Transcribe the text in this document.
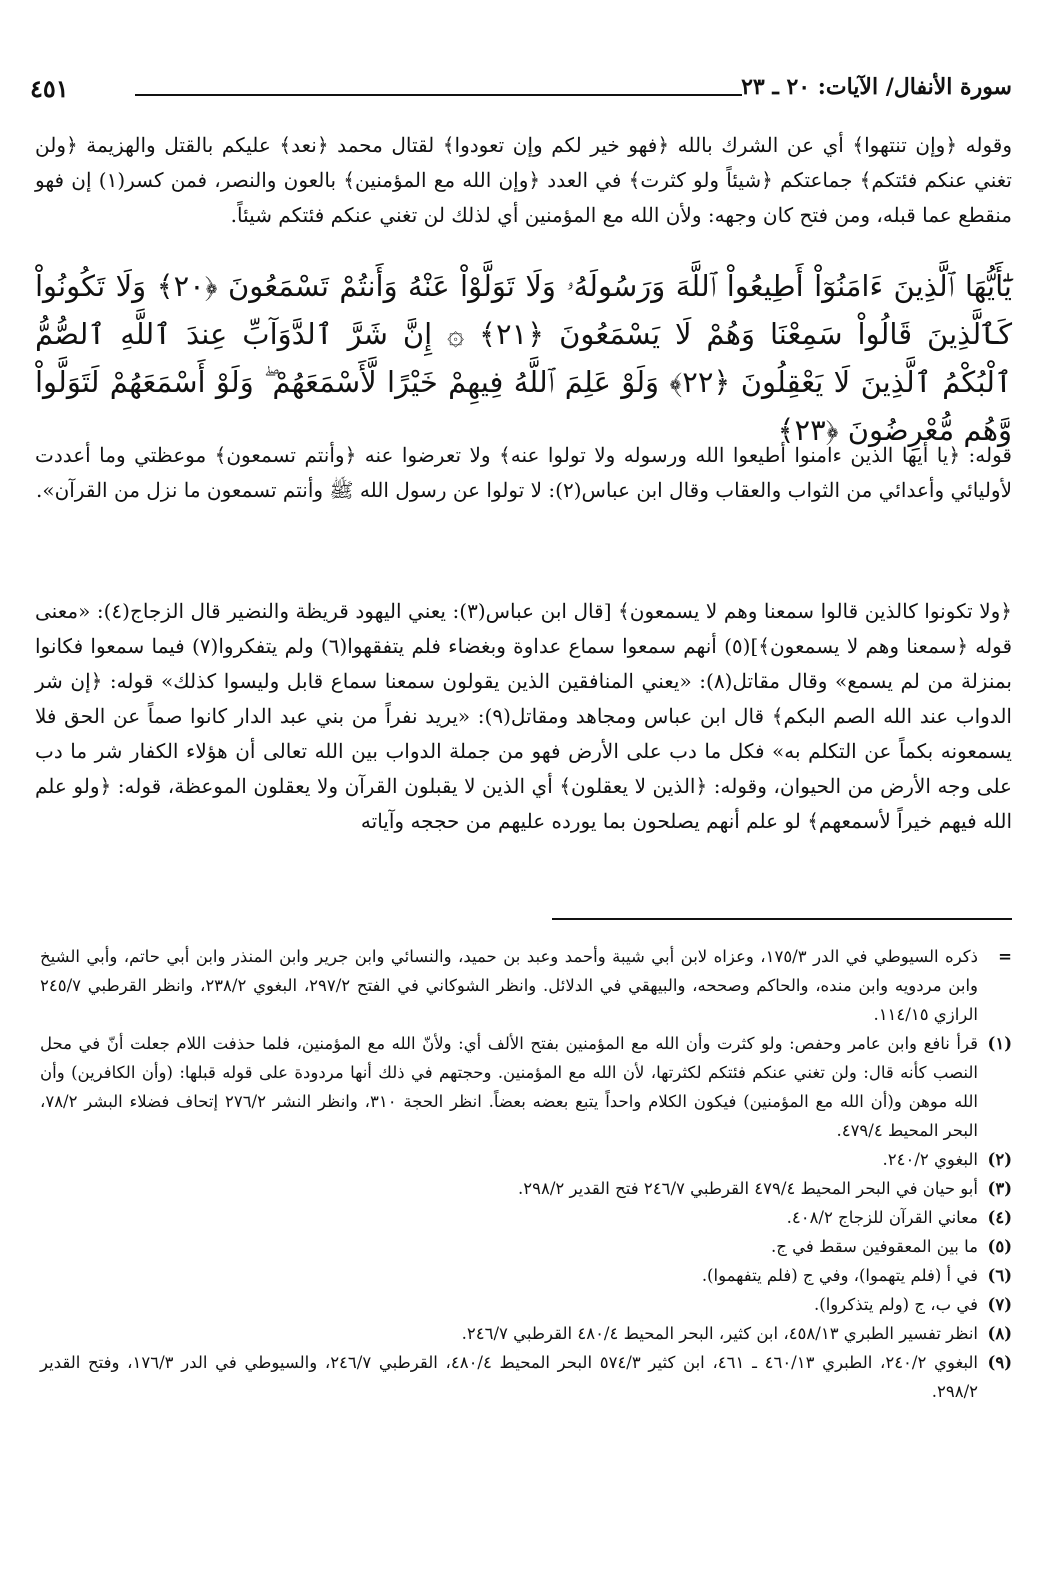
سورة الأنفال/ الآيات: ٢٠ ـ ٢٣
٤٥١
وقوله ﴿وإن تنتهوا﴾ أي عن الشرك بالله ﴿فهو خير لكم وإن تعودوا﴾ لقتال محمد ﴿نعد﴾ عليكم بالقتل والهزيمة ﴿ولن تغني عنكم فئتكم﴾ جماعتكم ﴿شيئاً ولو كثرت﴾ في العدد ﴿وإن الله مع المؤمنين﴾ بالعون والنصر، فمن كسر(١) إن فهو منقطع عما قبله، ومن فتح كان وجهه: ولأن الله مع المؤمنين أي لذلك لن تغني عنكم فئتكم شيئاً.
يَٰٓأَيُّهَا ٱلَّذِينَ ءَامَنُوٓاْ أَطِيعُواْ ٱللَّهَ وَرَسُولَهُۥ وَلَا تَوَلَّوْاْ عَنْهُ وَأَنتُمْ تَسْمَعُونَ ﴿٢٠﴾ وَلَا تَكُونُواْ كَٱلَّذِينَ قَالُواْ سَمِعْنَا وَهُمْ لَا يَسْمَعُونَ ﴿٢١﴾ ۞ إِنَّ شَرَّ ٱلدَّوَآبِّ عِندَ ٱللَّهِ ٱلصُّمُّ ٱلْبُكْمُ ٱلَّذِينَ لَا يَعْقِلُونَ ﴿٢٢﴾ وَلَوْ عَلِمَ ٱللَّهُ فِيهِمْ خَيْرًا لَّأَسْمَعَهُمْ ۖ وَلَوْ أَسْمَعَهُمْ لَتَوَلَّواْ وَّهُم مُّعْرِضُونَ ﴿٢٣﴾
قوله: ﴿يا أيها الذين ءامنوا أطيعوا الله ورسوله ولا تولوا عنه﴾ ولا تعرضوا عنه ﴿وأنتم تسمعون﴾ موعظتي وما أعددت لأوليائي وأعدائي من الثواب والعقاب وقال ابن عباس(٢): لا تولوا عن رسول الله ﷺ وأنتم تسمعون ما نزل من القرآن».
﴿ولا تكونوا كالذين قالوا سمعنا وهم لا يسمعون﴾ [قال ابن عباس(٣): يعني اليهود قريظة والنضير قال الزجاج(٤): «معنى قوله ﴿سمعنا وهم لا يسمعون﴾](٥) أنهم سمعوا سماع عداوة وبغضاء فلم يتفقهوا(٦) ولم يتفكروا(٧) فيما سمعوا فكانوا بمنزلة من لم يسمع» وقال مقاتل(٨): «يعني المنافقين الذين يقولون سمعنا سماع قابل وليسوا كذلك» قوله: ﴿إن شر الدواب عند الله الصم البكم﴾ قال ابن عباس ومجاهد ومقاتل(٩): «يريد نفراً من بني عبد الدار كانوا صماً عن الحق فلا يسمعونه بكماً عن التكلم به» فكل ما دب على الأرض فهو من جملة الدواب بين الله تعالى أن هؤلاء الكفار شر ما دب على وجه الأرض من الحيوان، وقوله: ﴿الذين لا يعقلون﴾ أي الذين لا يقبلون القرآن ولا يعقلون الموعظة، قوله: ﴿ولو علم الله فيهم خيراً لأسمعهم﴾ لو علم أنهم يصلحون بما يورده عليهم من حججه وآياته
=
ذكره السيوطي في الدر ١٧٥/٣، وعزاه لابن أبي شيبة وأحمد وعبد بن حميد، والنسائي وابن جرير وابن المنذر وابن أبي حاتم، وأبي الشيخ وابن مردويه وابن منده، والحاكم وصححه، والبيهقي في الدلائل. وانظر الشوكاني في الفتح ٢٩٧/٢، البغوي ٢٣٨/٢، وانظر القرطبي ٢٤٥/٧ الرازي ١١٤/١٥.
(١)
قرأ نافع وابن عامر وحفص: ولو كثرت وأن الله مع المؤمنين بفتح الألف أي: ولأنّ الله مع المؤمنين، فلما حذفت اللام جعلت أنّ في محل النصب كأنه قال: ولن تغني عنكم فئتكم لكثرتها، لأن الله مع المؤمنين. وحجتهم في ذلك أنها مردودة على قوله قبلها: (وأن الكافرين) وأن الله موهن و(أن الله مع المؤمنين) فيكون الكلام واحداً يتبع بعضه بعضاً. انظر الحجة ٣١٠، وانظر النشر ٢٧٦/٢ إتحاف فضلاء البشر ٧٨/٢، البحر المحيط ٤٧٩/٤.
(٢)
البغوي ٢٤٠/٢.
(٣)
أبو حيان في البحر المحيط ٤٧٩/٤ القرطبي ٢٤٦/٧ فتح القدير ٢٩٨/٢.
(٤)
معاني القرآن للزجاج ٤٠٨/٢.
(٥)
ما بين المعقوفين سقط في ج.
(٦)
في أ (فلم يتهموا)، وفي ج (فلم يتفهموا).
(٧)
في ب، ج (ولم يتذكروا).
(٨)
انظر تفسير الطبري ٤٥٨/١٣، ابن كثير، البحر المحيط ٤٨٠/٤ القرطبي ٢٤٦/٧.
(٩)
البغوي ٢٤٠/٢، الطبري ٤٦٠/١٣ ـ ٤٦١، ابن كثير ٥٧٤/٣ البحر المحيط ٤٨٠/٤، القرطبي ٢٤٦/٧، والسيوطي في الدر ١٧٦/٣، وفتح القدير ٢٩٨/٢.
